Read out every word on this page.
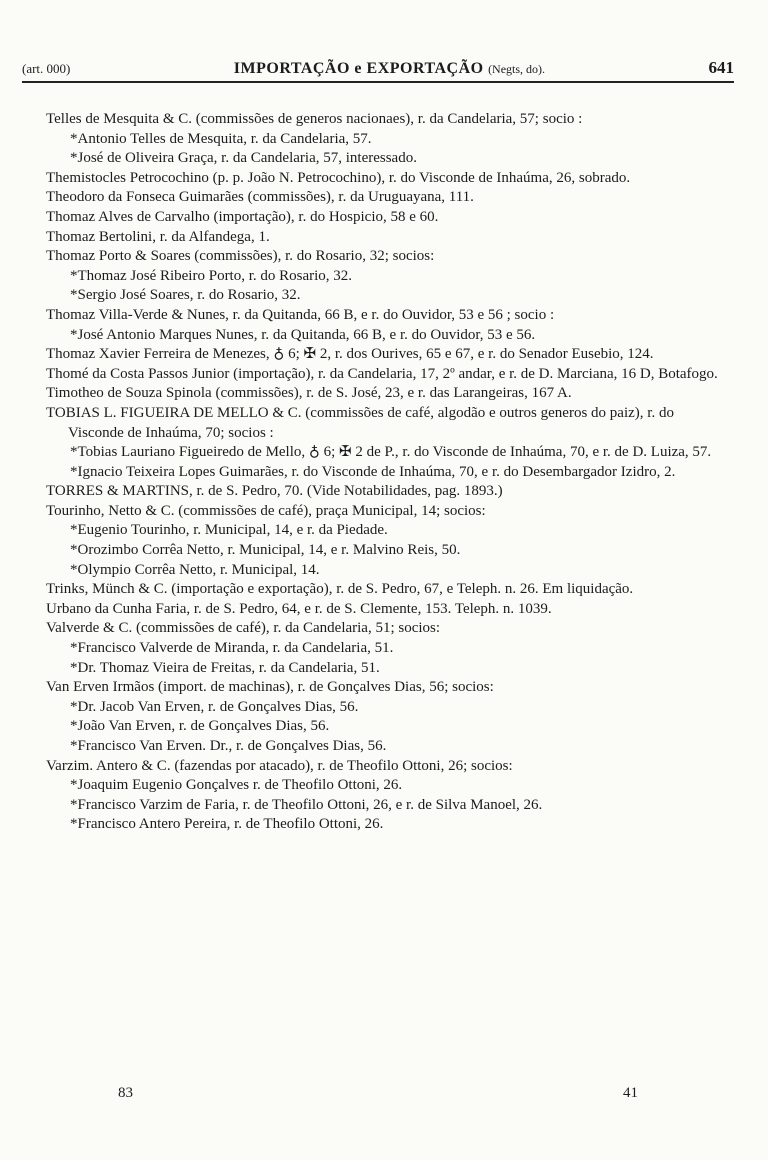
(art. 000)	IMPORTAÇÃO e EXPORTAÇÃO (Negts, do).	641
Telles de Mesquita & C. (commissões de generos nacionaes), r. da Candelaria, 57; socio :
*Antonio Telles de Mesquita, r. da Candelaria, 57.
*José de Oliveira Graça, r. da Candelaria, 57, interessado.
Themistocles Petrocochino (p. p. João N. Petrocochino), r. do Visconde de Inhaúma, 26, sobrado.
Theodoro da Fonseca Guimarães (commissões), r. da Uruguayana, 111.
Thomaz Alves de Carvalho (importação), r. do Hospicio, 58 e 60.
Thomaz Bertolini, r. da Alfandega, 1.
Thomaz Porto & Soares (commissões), r. do Rosario, 32; socios:
*Thomaz José Ribeiro Porto, r. do Rosario, 32.
*Sergio José Soares, r. do Rosario, 32.
Thomaz Villa-Verde & Nunes, r. da Quitanda, 66 B, e r. do Ouvidor, 53 e 56 ; socio :
*José Antonio Marques Nunes, r. da Quitanda, 66 B, e r. do Ouvidor, 53 e 56.
Thomaz Xavier Ferreira de Menezes, ♁ 6; ✠ 2, r. dos Ourives, 65 e 67, e r. do Senador Eusebio, 124.
Thomé da Costa Passos Junior (importação), r. da Candelaria, 17, 2º andar, e r. de D. Marciana, 16 D, Botafogo.
Timotheo de Souza Spinola (commissões), r. de S. José, 23, e r. das Larangeiras, 167 A.
TOBIAS L. FIGUEIRA DE MELLO & C. (commissões de café, algodão e outros generos do paiz), r. do Visconde de Inhaúma, 70; socios :
*Tobias Lauriano Figueiredo de Mello, ♁ 6; ✠ 2 de P., r. do Visconde de Inhaúma, 70, e r. de D. Luiza, 57.
*Ignacio Teixeira Lopes Guimarães, r. do Visconde de Inhaúma, 70, e r. do Desembargador Izidro, 2.
TORRES & MARTINS, r. de S. Pedro, 70. (Vide Notabilidades, pag. 1893.)
Tourinho, Netto & C. (commissões de café), praça Municipal, 14; socios:
*Eugenio Tourinho, r. Municipal, 14, e r. da Piedade.
*Orozimbo Corrêa Netto, r. Municipal, 14, e r. Malvino Reis, 50.
*Olympio Corrêa Netto, r. Municipal, 14.
Trinks, Münch & C. (importação e exportação), r. de S. Pedro, 67, e Teleph. n. 26. Em liquidação.
Urbano da Cunha Faria, r. de S. Pedro, 64, e r. de S. Clemente, 153. Teleph. n. 1039.
Valverde & C. (commissões de café), r. da Candelaria, 51; socios:
*Francisco Valverde de Miranda, r. da Candelaria, 51.
*Dr. Thomaz Vieira de Freitas, r. da Candelaria, 51.
Van Erven Irmãos (import. de machinas), r. de Gonçalves Dias, 56; socios:
*Dr. Jacob Van Erven, r. de Gonçalves Dias, 56.
*João Van Erven, r. de Gonçalves Dias, 56.
*Francisco Van Erven. Dr., r. de Gonçalves Dias, 56.
Varzim. Antero & C. (fazendas por atacado), r. de Theofilo Ottoni, 26; socios:
*Joaquim Eugenio Gonçalves r. de Theofilo Ottoni, 26.
*Francisco Varzim de Faria, r. de Theofilo Ottoni, 26, e r. de Silva Manoel, 26.
*Francisco Antero Pereira, r. de Theofilo Ottoni, 26.
83	41
